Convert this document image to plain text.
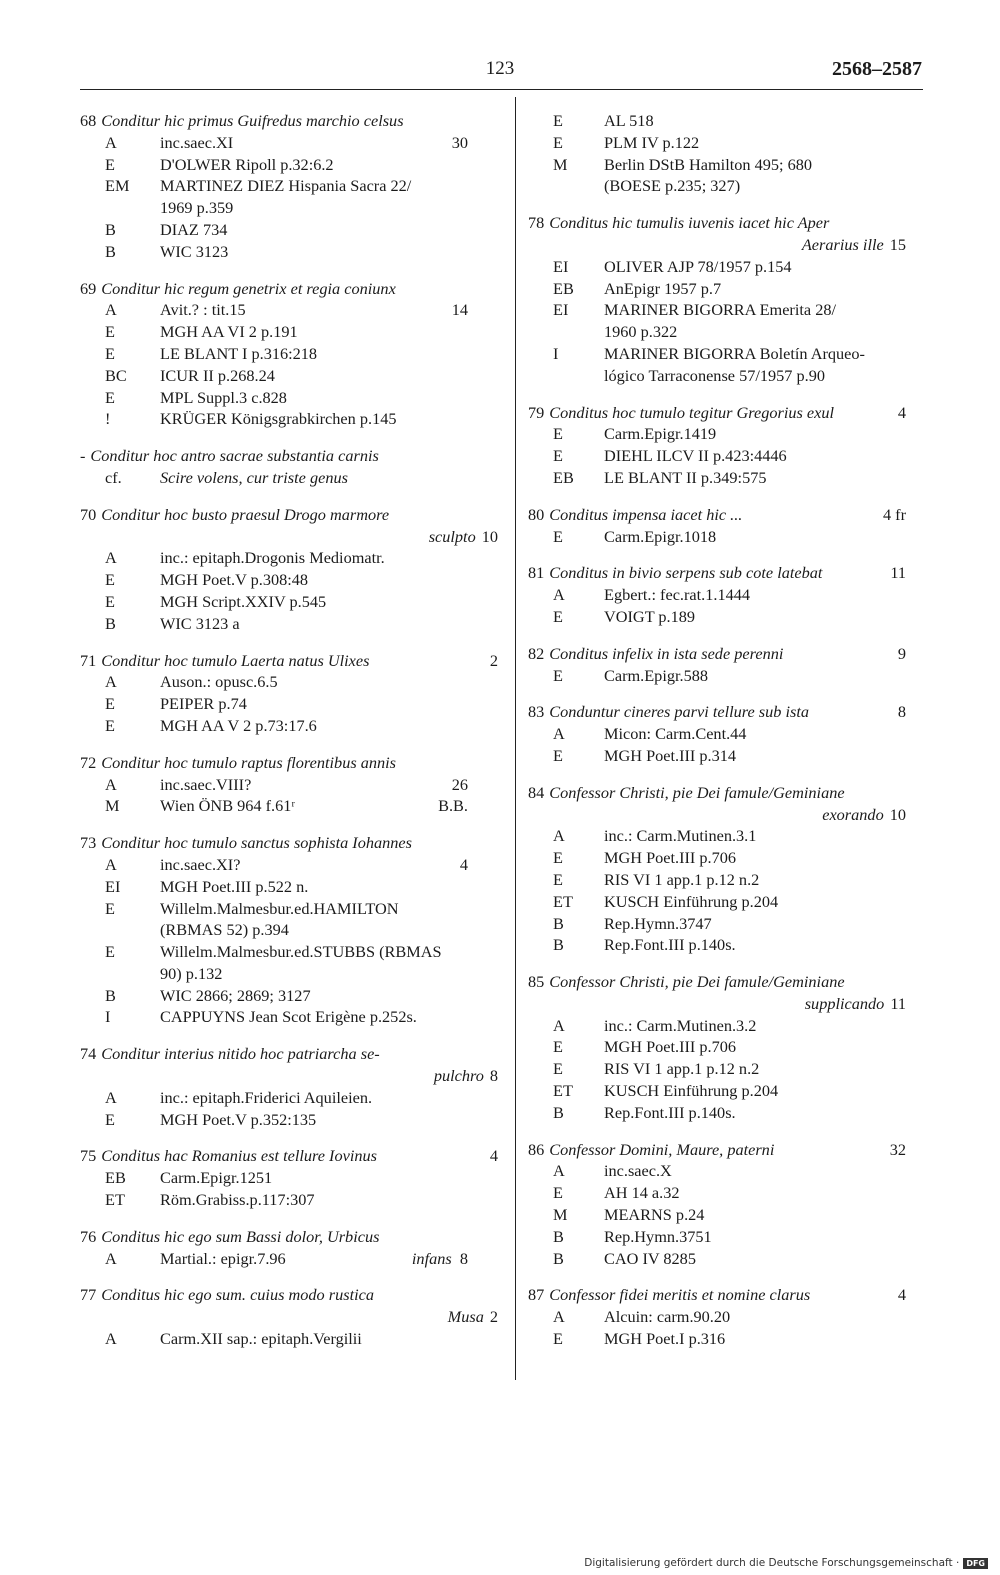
123	2568–2587
68 Conditur hic primus Guifredus marchio celsus
A	inc.saec.XI	30
E	D'OLWER Ripoll p.32:6.2
EM	MARTINEZ DIEZ Hispania Sacra 22/
1969 p.359
B	DIAZ 734
B	WIC 3123
69 Conditur hic regum genetrix et regia coniunx
A	Avit.? : tit.15	14
E	MGH AA VI 2 p.191
E	LE BLANT I p.316:218
BC	ICUR II p.268.24
E	MPL Suppl.3 c.828
!	KRÜGER Königsgrabkirchen p.145
- Conditur hoc antro sacrae substantia carnis
cf.	Scire volens, cur triste genus
70 Conditur hoc busto praesul Drogo marmore
sculpto 10
A	inc.: epitaph.Drogonis Mediomatr.
E	MGH Poet.V p.308:48
E	MGH Script.XXIV p.545
B	WIC 3123 a
71 Conditur hoc tumulo Laerta natus Ulixes	2
A	Auson.: opusc.6.5
E	PEIPER p.74
E	MGH AA V 2 p.73:17.6
72 Conditur hoc tumulo raptus florentibus annis
A	inc.saec.VIII?	26
M	Wien ÖNB 964 f.61ʳ	B.B.
73 Conditur hoc tumulo sanctus sophista Iohannes
A	inc.saec.XI?	4
EI	MGH Poet.III p.522 n.
E	Willelm.Malmesbur.ed.HAMILTON
(RBMAS 52) p.394
E	Willelm.Malmesbur.ed.STUBBS (RBMAS
90) p.132
B	WIC 2866; 2869; 3127
I	CAPPUYNS Jean Scot Erigène p.252s.
74 Conditur interius nitido hoc patriarcha se-
pulchro 8
A	inc.: epitaph.Friderici Aquileien.
E	MGH Poet.V p.352:135
75 Conditus hac Romanius est tellure Iovinus	4
EB	Carm.Epigr.1251
ET	Röm.Grabiss.p.117:307
76 Conditus hic ego sum Bassi dolor, Urbicus
A	Martial.: epigr.7.96	infans 8
77 Conditus hic ego sum. cuius modo rustica
Musa 2
A	Carm.XII sap.: epitaph.Vergilii
E	AL 518
E	PLM IV p.122
M	Berlin DStB Hamilton 495; 680
(BOESE p.235; 327)
78 Conditus hic tumulis iuvenis iacet hic Aper
Aerarius ille 15
EI	OLIVER AJP 78/1957 p.154
EB	AnEpigr 1957 p.7
EI	MARINER BIGORRA Emerita 28/
1960 p.322
I	MARINER BIGORRA Boletín Arqueo-
lógico Tarraconense 57/1957 p.90
79 Conditus hoc tumulo tegitur Gregorius exul	4
E	Carm.Epigr.1419
E	DIEHL ILCV II p.423:4446
EB	LE BLANT II p.349:575
80 Conditus impensa iacet hic ...	4 fr
E	Carm.Epigr.1018
81 Conditus in bivio serpens sub cote latebat	11
A	Egbert.: fec.rat.1.1444
E	VOIGT p.189
82 Conditus infelix in ista sede perenni	9
E	Carm.Epigr.588
83 Conduntur cineres parvi tellure sub ista	8
A	Micon: Carm.Cent.44
E	MGH Poet.III p.314
84 Confessor Christi, pie Dei famule/Geminiane
exorando 10
A	inc.: Carm.Mutinen.3.1
E	MGH Poet.III p.706
E	RIS VI 1 app.1 p.12 n.2
ET	KUSCH Einführung p.204
B	Rep.Hymn.3747
B	Rep.Font.III p.140s.
85 Confessor Christi, pie Dei famule/Geminiane
supplicando 11
A	inc.: Carm.Mutinen.3.2
E	MGH Poet.III p.706
E	RIS VI 1 app.1 p.12 n.2
ET	KUSCH Einführung p.204
B	Rep.Font.III p.140s.
86 Confessor Domini, Maure, paterni	32
A	inc.saec.X
E	AH 14 a.32
M	MEARNS p.24
B	Rep.Hymn.3751
B	CAO IV 8285
87 Confessor fidei meritis et nomine clarus	4
A	Alcuin: carm.90.20
E	MGH Poet.I p.316
Digitalisierung gefördert durch die Deutsche Forschungsgemeinschaft · DFG
